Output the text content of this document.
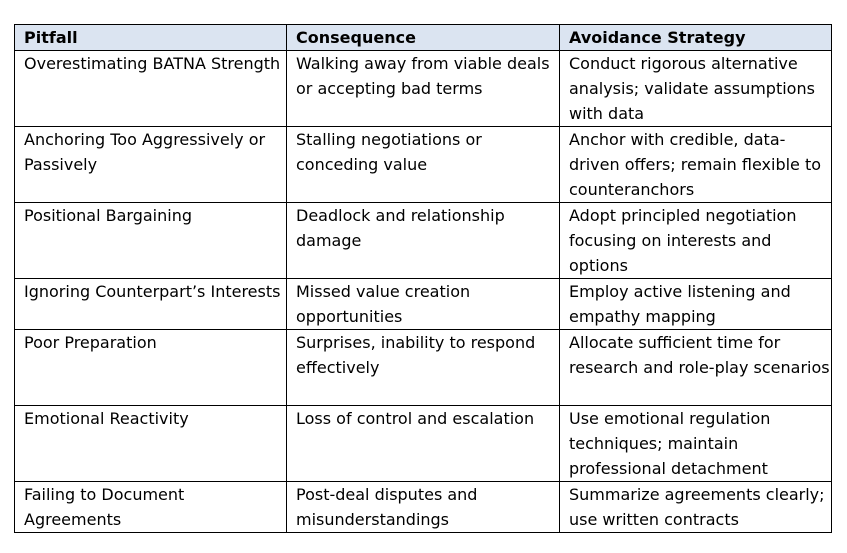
Pitfall	Consequence	Avoidance Strategy
Overestimating BATNA Strength	Walking away from viable deals or accepting bad terms	Conduct rigorous alternative analysis; validate assumptions with data
Anchoring Too Aggressively or Passively	Stalling negotiations or conceding value	Anchor with credible, data-driven offers; remain flexible to counteranchors
Positional Bargaining	Deadlock and relationship damage	Adopt principled negotiation focusing on interests and options
Ignoring Counterpart’s Interests	Missed value creation opportunities	Employ active listening and empathy mapping
Poor Preparation	Surprises, inability to respond effectively	Allocate sufficient time for research and role-play scenarios
Emotional Reactivity	Loss of control and escalation	Use emotional regulation techniques; maintain professional detachment
Failing to Document Agreements	Post-deal disputes and misunderstandings	Summarize agreements clearly; use written contracts
